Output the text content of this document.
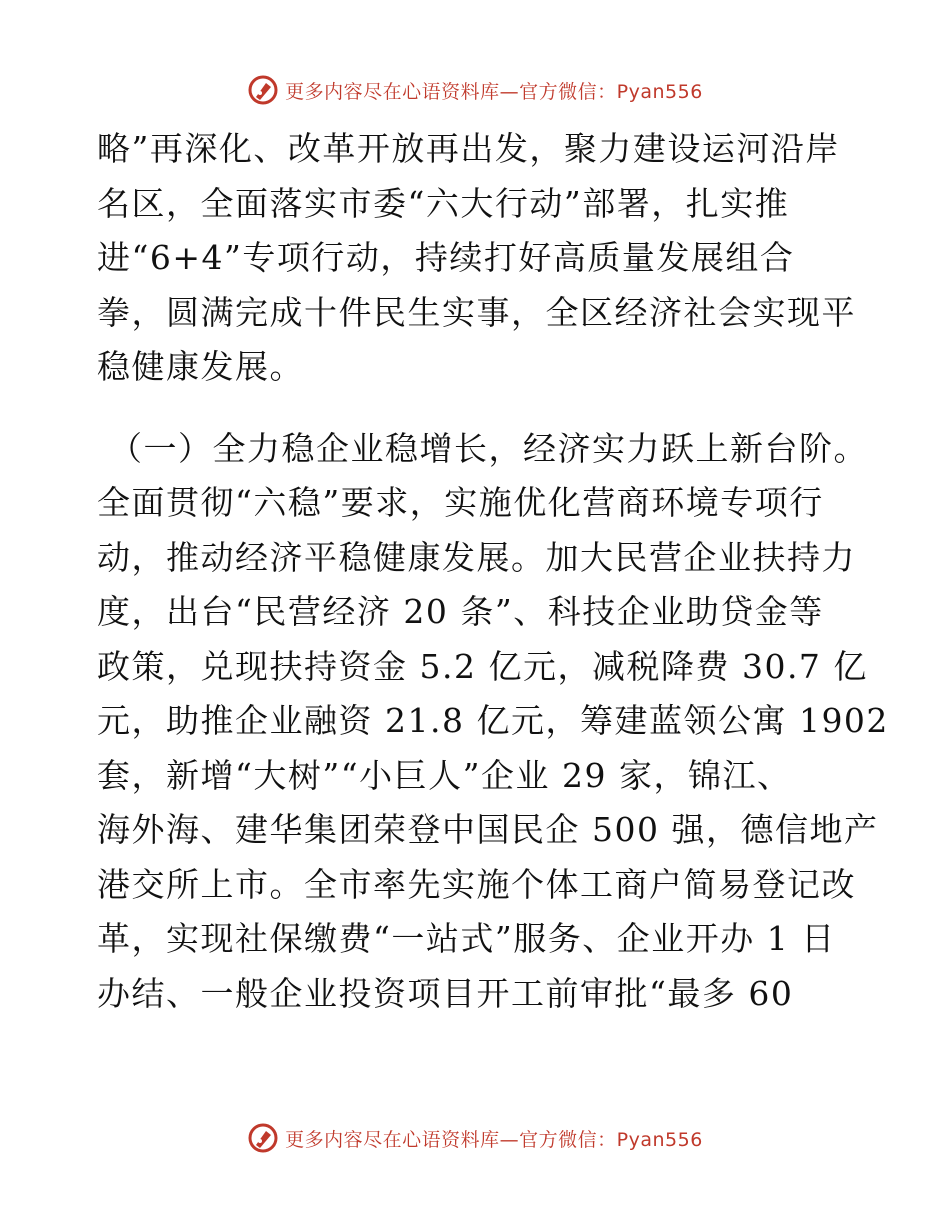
更多内容尽在心语资料库—官方微信：Pyan556
略”再深化、改革开放再出发，聚力建设运河沿岸
名区，全面落实市委“六大行动”部署，扎实推
进“6+4”专项行动，持续打好高质量发展组合
拳，圆满完成十件民生实事，全区经济社会实现平
稳健康发展。
（一）全力稳企业稳增长，经济实力跃上新台阶。
全面贯彻“六稳”要求，实施优化营商环境专项行
动，推动经济平稳健康发展。加大民营企业扶持力
度，出台“民营经济 20 条”、科技企业助贷金等
政策，兑现扶持资金 5.2 亿元，减税降费 30.7 亿
元，助推企业融资 21.8 亿元，筹建蓝领公寓 1902
套，新增“大树”“小巨人”企业 29 家，锦江、
海外海、建华集团荣登中国民企 500 强，德信地产
港交所上市。全市率先实施个体工商户简易登记改
革，实现社保缴费“一站式”服务、企业开办 1 日
办结、一般企业投资项目开工前审批“最多 60
更多内容尽在心语资料库—官方微信：Pyan556
